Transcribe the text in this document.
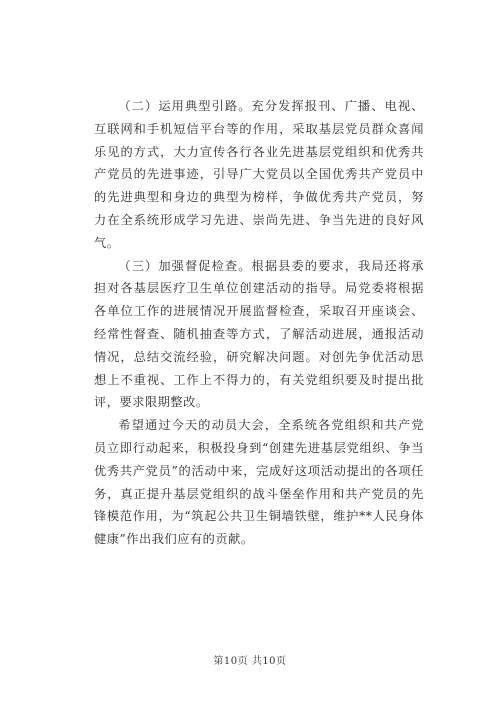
（二）运用典型引路。充分发挥报刊、广播、电视、互联网和手机短信平台等的作用，采取基层党员群众喜闻乐见的方式，大力宣传各行各业先进基层党组织和优秀共产党员的先进事迹，引导广大党员以全国优秀共产党员中的先进典型和身边的典型为榜样，争做优秀共产党员，努力在全系统形成学习先进、崇尚先进、争当先进的良好风气。

（三）加强督促检查。根据县委的要求，我局还将承担对各基层医疗卫生单位创建活动的指导。局党委将根据各单位工作的进展情况开展监督检查，采取召开座谈会、经常性督查、随机抽查等方式，了解活动进展，通报活动情况，总结交流经验，研究解决问题。对创先争优活动思想上不重视、工作上不得力的，有关党组织要及时提出批评，要求限期整改。

希望通过今天的动员大会，全系统各党组织和共产党员立即行动起来，积极投身到“创建先进基层党组织、争当优秀共产党员”的活动中来，完成好这项活动提出的各项任务，真正提升基层党组织的战斗堡垒作用和共产党员的先锋模范作用，为“筑起公共卫生铜墙铁壁，维护**人民身体健康”作出我们应有的贡献。

第10页 共10页
